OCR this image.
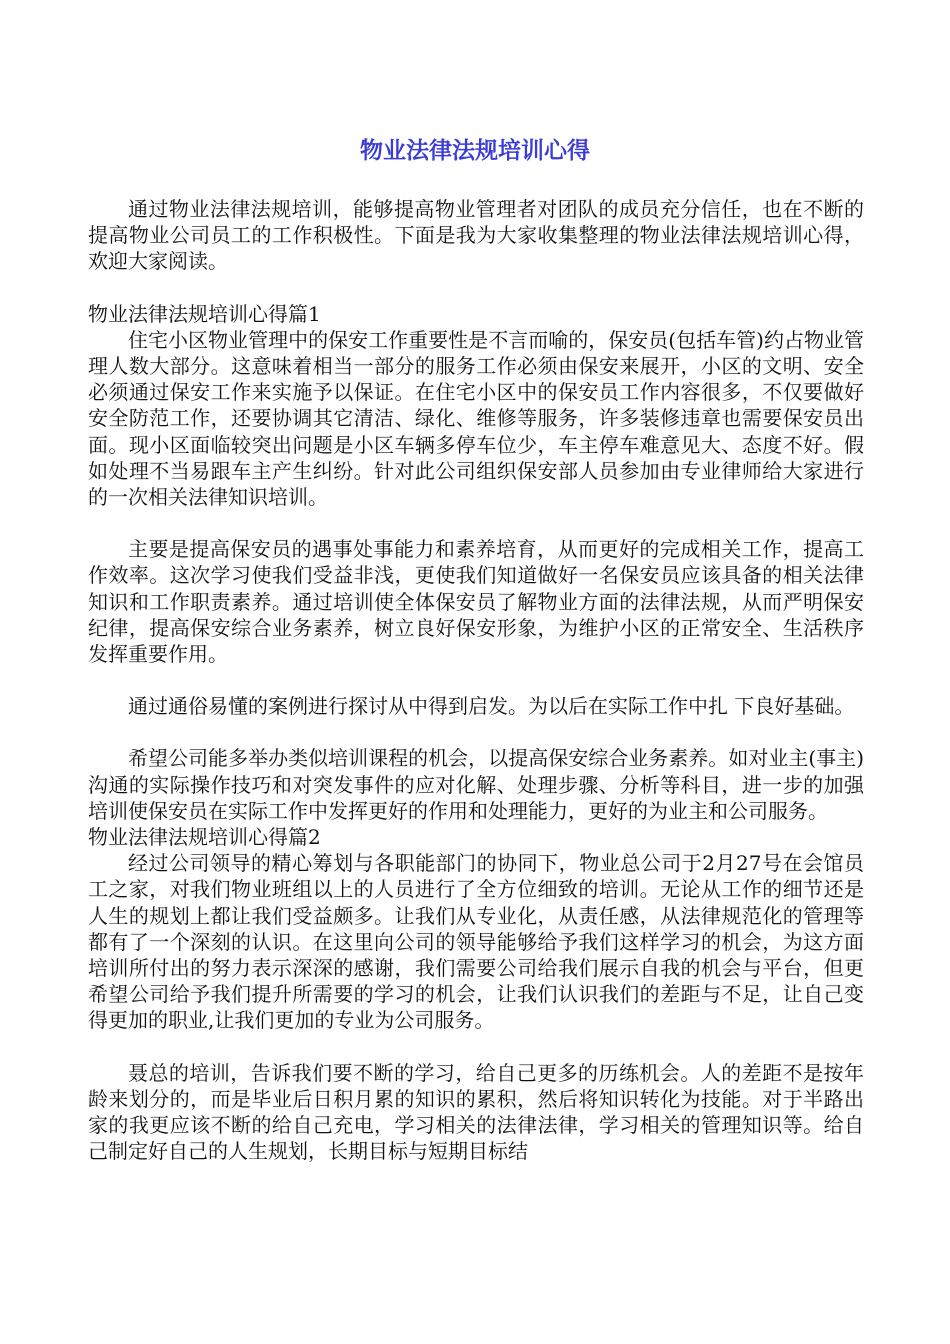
物业法律法规培训心得

通过物业法律法规培训，能够提高物业管理者对团队的成员充分信任，也在不断的提高物业公司员工的工作积极性。下面是我为大家收集整理的物业法律法规培训心得，欢迎大家阅读。

物业法律法规培训心得篇1

住宅小区物业管理中的保安工作重要性是不言而喻的，保安员(包括车管)约占物业管理人数大部分。这意味着相当一部分的服务工作必须由保安来展开，小区的文明、安全必须通过保安工作来实施予以保证。在住宅小区中的保安员工作内容很多，不仅要做好安全防范工作，还要协调其它清洁、绿化、维修等服务，许多装修违章也需要保安员出面。现小区面临较突出问题是小区车辆多停车位少，车主停车难意见大、态度不好。假如处理不当易跟车主产生纠纷。针对此公司组织保安部人员参加由专业律师给大家进行的一次相关法律知识培训。

主要是提高保安员的遇事处事能力和素养培育，从而更好的完成相关工作，提高工作效率。这次学习使我们受益非浅，更使我们知道做好一名保安员应该具备的相关法律知识和工作职责素养。通过培训使全体保安员了解物业方面的法律法规，从而严明保安纪律，提高保安综合业务素养，树立良好保安形象，为维护小区的正常安全、生活秩序发挥重要作用。

通过通俗易懂的案例进行探讨从中得到启发。为以后在实际工作中扎 下良好基础。

希望公司能多举办类似培训课程的机会，以提高保安综合业务素养。如对业主(事主)沟通的实际操作技巧和对突发事件的应对化解、处理步骤、分析等科目，进一步的加强培训使保安员在实际工作中发挥更好的作用和处理能力，更好的为业主和公司服务。

物业法律法规培训心得篇2

经过公司领导的精心筹划与各职能部门的协同下，物业总公司于2月27号在会馆员工之家，对我们物业班组以上的人员进行了全方位细致的培训。无论从工作的细节还是人生的规划上都让我们受益颇多。让我们从专业化，从责任感，从法律规范化的管理等都有了一个深刻的认识。在这里向公司的领导能够给予我们这样学习的机会，为这方面培训所付出的努力表示深深的感谢，我们需要公司给我们展示自我的机会与平台，但更希望公司给予我们提升所需要的学习的机会，让我们认识我们的差距与不足，让自己变得更加的职业,让我们更加的专业为公司服务。

聂总的培训，告诉我们要不断的学习，给自己更多的历练机会。人的差距不是按年龄来划分的，而是毕业后日积月累的知识的累积，然后将知识转化为技能。对于半路出家的我更应该不断的给自己充电，学习相关的法律法律，学习相关的管理知识等。给自己制定好自己的人生规划，长期目标与短期目标结
